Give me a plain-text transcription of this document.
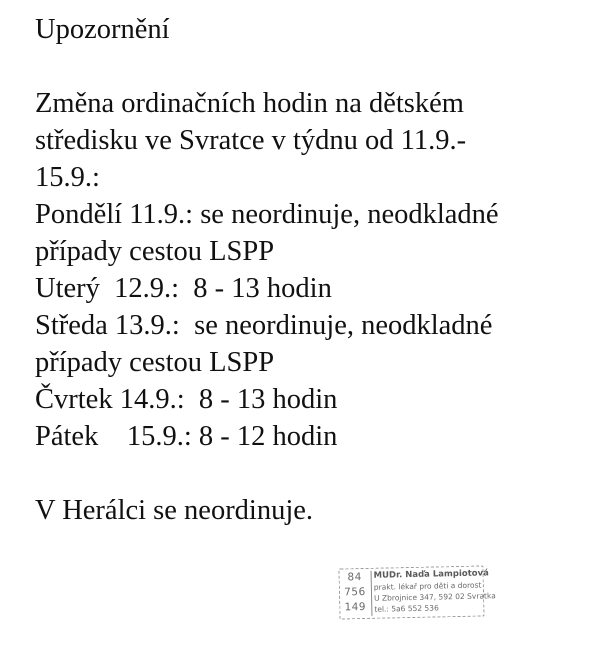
Upozornění
Změna ordinačních hodin na dětském
středisku ve Svratce v týdnu od 11.9.-
15.9.:
Pondělí 11.9.: se neordinuje, neodkladné
případy cestou LSPP
Uterý  12.9.:  8 - 13 hodin
Středa 13.9.:  se neordinuje, neodkladné
případy cestou LSPP
Čvrtek 14.9.:  8 - 13 hodin
Pátek    15.9.: 8 - 12 hodin
V Herálci se neordinuje.
84
756
149
MUDr. Naďa Lampiotová
prakt. lékař pro děti a dorost
U Zbrojnice 347, 592 02 Svratka
tel.: 5a6 552 536
